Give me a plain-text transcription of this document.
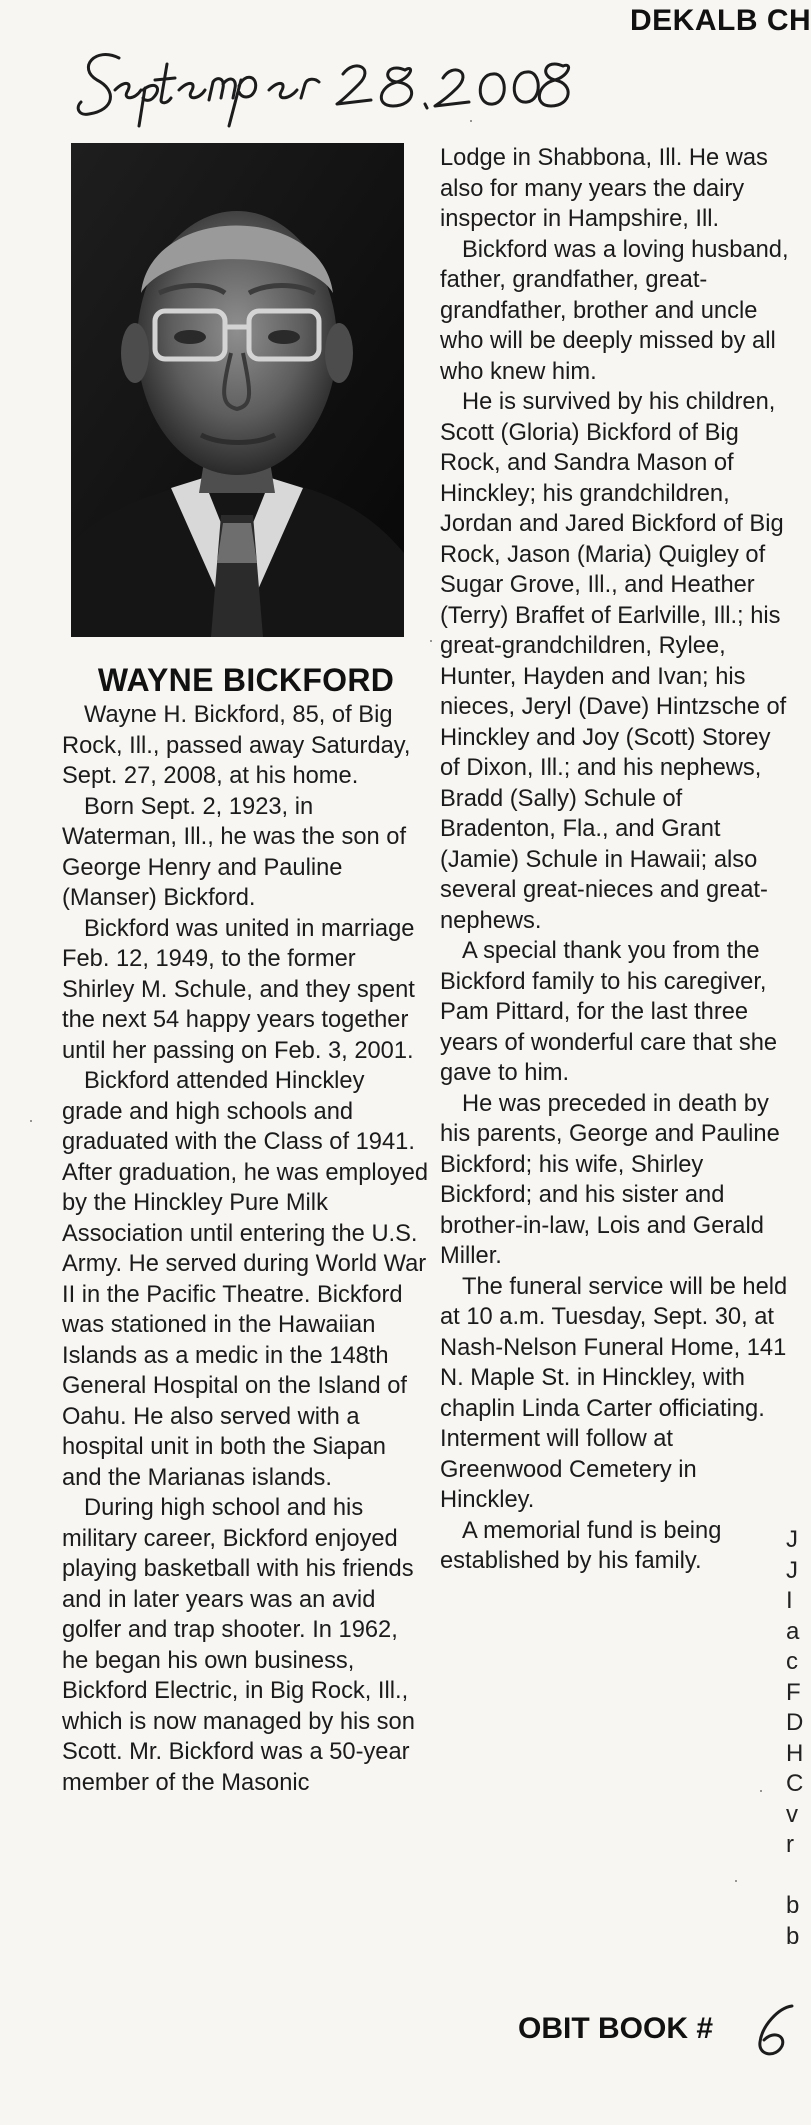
DEKALB CH
WAYNE BICKFORD

Wayne H. Bickford, 85, of Big Rock, Ill., passed away Saturday, Sept. 27, 2008, at his home.

Born Sept. 2, 1923, in Waterman, Ill., he was the son of George Henry and Pauline (Manser) Bickford.

Bickford was united in marriage Feb. 12, 1949, to the former Shirley M. Schule, and they spent the next 54 happy years together until her passing on Feb. 3, 2001.

Bickford attended Hinckley grade and high schools and graduated with the Class of 1941. After graduation, he was employed by the Hinckley Pure Milk Association until entering the U.S. Army. He served during World War II in the Pacific Theatre. Bickford was stationed in the Hawaiian Islands as a medic in the 148th General Hospital on the Island of Oahu. He also served with a hospital unit in both the Siapan and the Marianas islands.

During high school and his military career, Bickford enjoyed playing basketball with his friends and in later years was an avid golfer and trap shooter. In 1962, he began his own business, Bickford Electric, in Big Rock, Ill., which is now managed by his son Scott. Mr. Bickford was a 50-year member of the Masonic

Lodge in Shabbona, Ill. He was also for many years the dairy inspector in Hampshire, Ill.

Bickford was a loving husband, father, grandfather, great-grandfather, brother and uncle who will be deeply missed by all who knew him.

He is survived by his children, Scott (Gloria) Bickford of Big Rock, and Sandra Mason of Hinckley; his grandchildren, Jordan and Jared Bickford of Big Rock, Jason (Maria) Quigley of Sugar Grove, Ill., and Heather (Terry) Braffet of Earlville, Ill.; his great-grandchildren, Rylee, Hunter, Hayden and Ivan; his nieces, Jeryl (Dave) Hintzsche of Hinckley and Joy (Scott) Storey of Dixon, Ill.; and his nephews, Bradd (Sally) Schule of Bradenton, Fla., and Grant (Jamie) Schule in Hawaii; also several great-nieces and great-nephews.

A special thank you from the Bickford family to his caregiver, Pam Pittard, for the last three years of wonderful care that she gave to him.

He was preceded in death by his parents, George and Pauline Bickford; his wife, Shirley Bickford; and his sister and brother-in-law, Lois and Gerald Miller.

The funeral service will be held at 10 a.m. Tuesday, Sept. 30, at Nash-Nelson Funeral Home, 141 N. Maple St. in Hinckley, with chaplin Linda Carter officiating. Interment will follow at Greenwood Cemetery in Hinckley.

A memorial fund is being established by his family.

J
J
I
a
c
F
D
H
C
v
r
b
b
OBIT BOOK #
